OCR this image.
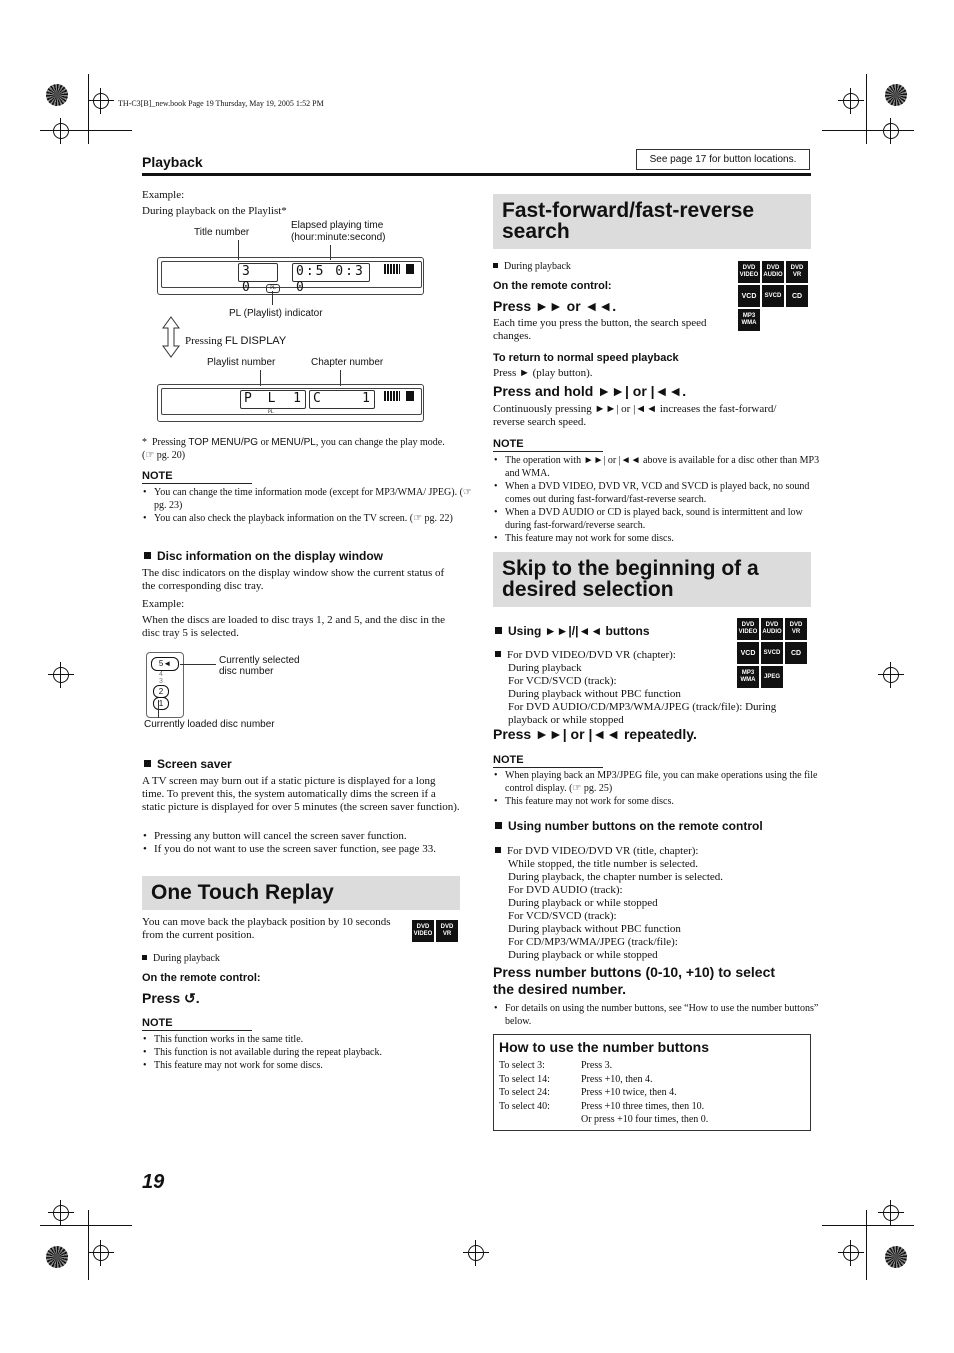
TH-C3[B]_new.book Page 19 Thursday, May 19, 2005 1:52 PM
Playback	See page 17 for button locations.
Example:
During playback on the Playlist*
Title number
Elapsed playing time
(hour:minute:second)
3 0
0:5 0:3 0
PL
PL (Playlist) indicator
Pressing FL DISPLAY
Playlist number	Chapter number
P L 1 C	1
PL
* Pressing TOP MENU/PG or MENU/PL, you can change the play mode. (☞ pg. 20)
NOTE
• You can change the time information mode (except for MP3/WMA/ JPEG). (☞ pg. 23)
• You can also check the playback information on the TV screen. (☞ pg. 22)
Disc information on the display window
The disc indicators on the display window show the current status of the corresponding disc tray.
Example:
When the discs are loaded to disc trays 1, 2 and 5, and the disc in the disc tray 5 is selected.
5◄
4
3
2
1
Currently selected
disc number
Currently loaded disc number
Screen saver
A TV screen may burn out if a static picture is displayed for a long time. To prevent this, the system automatically dims the screen if a static picture is displayed for over 5 minutes (the screen saver function).
• Pressing any button will cancel the screen saver function.
• If you do not want to use the screen saver function, see page 33.
One Touch Replay
You can move back the playback position by 10 seconds from the current position.
DVD
VIDEO
DVD
VR
During playback
On the remote control:
Press ↺.
NOTE
• This function works in the same title.
• This function is not available during the repeat playback.
• This feature may not work for some discs.
Fast-forward/fast-reverse
search
DVD
VIDEO
DVD
AUDIO
DVD
VR
VCD SVCD CD
MP3
WMA
During playback
On the remote control:
Press ►► or ◄◄.
Each time you press the button, the search speed changes.
To return to normal speed playback
Press ► (play button).
Press and hold ►►| or |◄◄.
Continuously pressing ►►| or |◄◄ increases the fast-forward/ reverse search speed.
NOTE
• The operation with ►►| or |◄◄ above is available for a disc other than MP3 and WMA.
• When a DVD VIDEO, DVD VR, VCD and SVCD is played back, no sound comes out during fast-forward/fast-reverse search.
• When a DVD AUDIO or CD is played back, sound is intermittent and low during fast-forward/reverse search.
• This feature may not work for some discs.
Skip to the beginning of a
desired selection
DVD
VIDEO
DVD
AUDIO
DVD
VR
VCD SVCD CD
MP3
WMA
JPEG
Using ►►|/|◄◄ buttons
For DVD VIDEO/DVD VR (chapter):
During playback
For VCD/SVCD (track):
During playback without PBC function
For DVD AUDIO/CD/MP3/WMA/JPEG (track/file): During playback or while stopped
Press ►►| or |◄◄ repeatedly.
NOTE
• When playing back an MP3/JPEG file, you can make operations using the file control display. (☞ pg. 25)
• This feature may not work for some discs.
Using number buttons on the remote control
For DVD VIDEO/DVD VR (title, chapter):
While stopped, the title number is selected.
During playback, the chapter number is selected.
For DVD AUDIO (track):
During playback or while stopped
For VCD/SVCD (track):
During playback without PBC function
For CD/MP3/WMA/JPEG (track/file):
During playback or while stopped
Press number buttons (0-10, +10) to select
the desired number.
• For details on using the number buttons, see “How to use the number buttons” below.
How to use the number buttons
To select 3:	Press 3.
To select 14:	Press +10, then 4.
To select 24:	Press +10 twice, then 4.
To select 40:	Press +10 three times, then 10.
	Or press +10 four times, then 0.
19
